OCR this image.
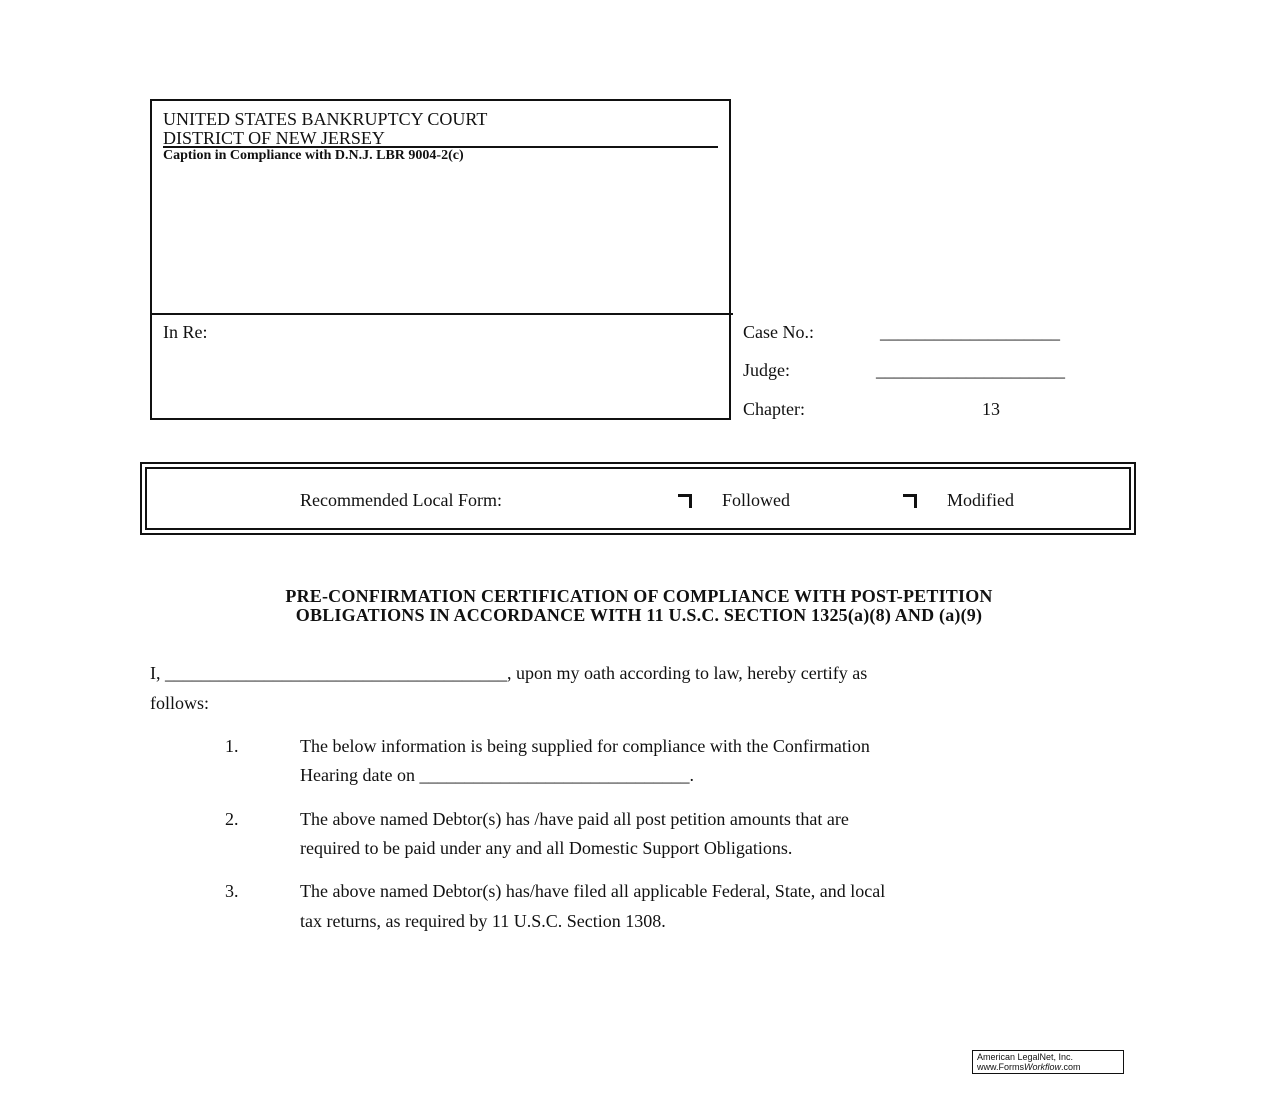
UNITED STATES BANKRUPTCY COURT
DISTRICT OF NEW JERSEY
Caption in Compliance with D.N.J. LBR 9004-2(c)
In Re:	Case No.:	____________________
Judge:	_____________________
Chapter:	13
Recommended Local Form:	Followed	Modified
PRE-CONFIRMATION CERTIFICATION OF COMPLIANCE WITH POST-PETITION
OBLIGATIONS IN ACCORDANCE WITH 11 U.S.C. SECTION 1325(a)(8) AND (a)(9)
I, ______________________________________, upon my oath according to law, hereby certify as
follows:
1.	The below information is being supplied for compliance with the Confirmation
Hearing date on ______________________________.
2.	The above named Debtor(s) has /have paid all post petition amounts that are
required to be paid under any and all Domestic Support Obligations.
3.	The above named Debtor(s) has/have filed all applicable Federal, State, and local
tax returns, as required by 11 U.S.C. Section 1308.
American LegalNet, Inc.
www.FormsWorkflow.com
